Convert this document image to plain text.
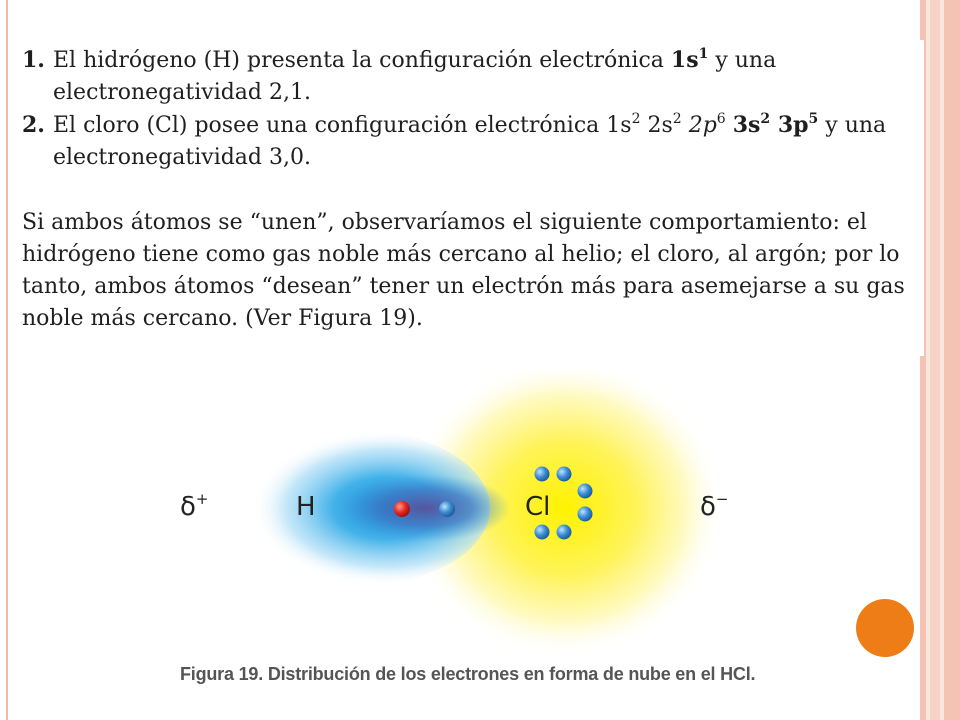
1. El hidrógeno (H) presenta la configuración electrónica $1s^1$ y una electronegatividad 2,1.
2. El cloro (Cl) posee una configuración electrónica $1s^2$ $2s^2$ $2p^6$ $3s^2$ $3p^5$ y una electronegatividad 3,0.
Si ambos átomos se “unen”, observaríamos el siguiente comportamiento: el hidrógeno tiene como gas noble más cercano al helio; el cloro, al argón; por lo tanto, ambos átomos “desean” tener un electrón más para asemejarse a su gas noble más cercano. (Ver Figura 19).
δ+	H	Cl	δ−
Figura 19. Distribución de los electrones en forma de nube en el HCl.
